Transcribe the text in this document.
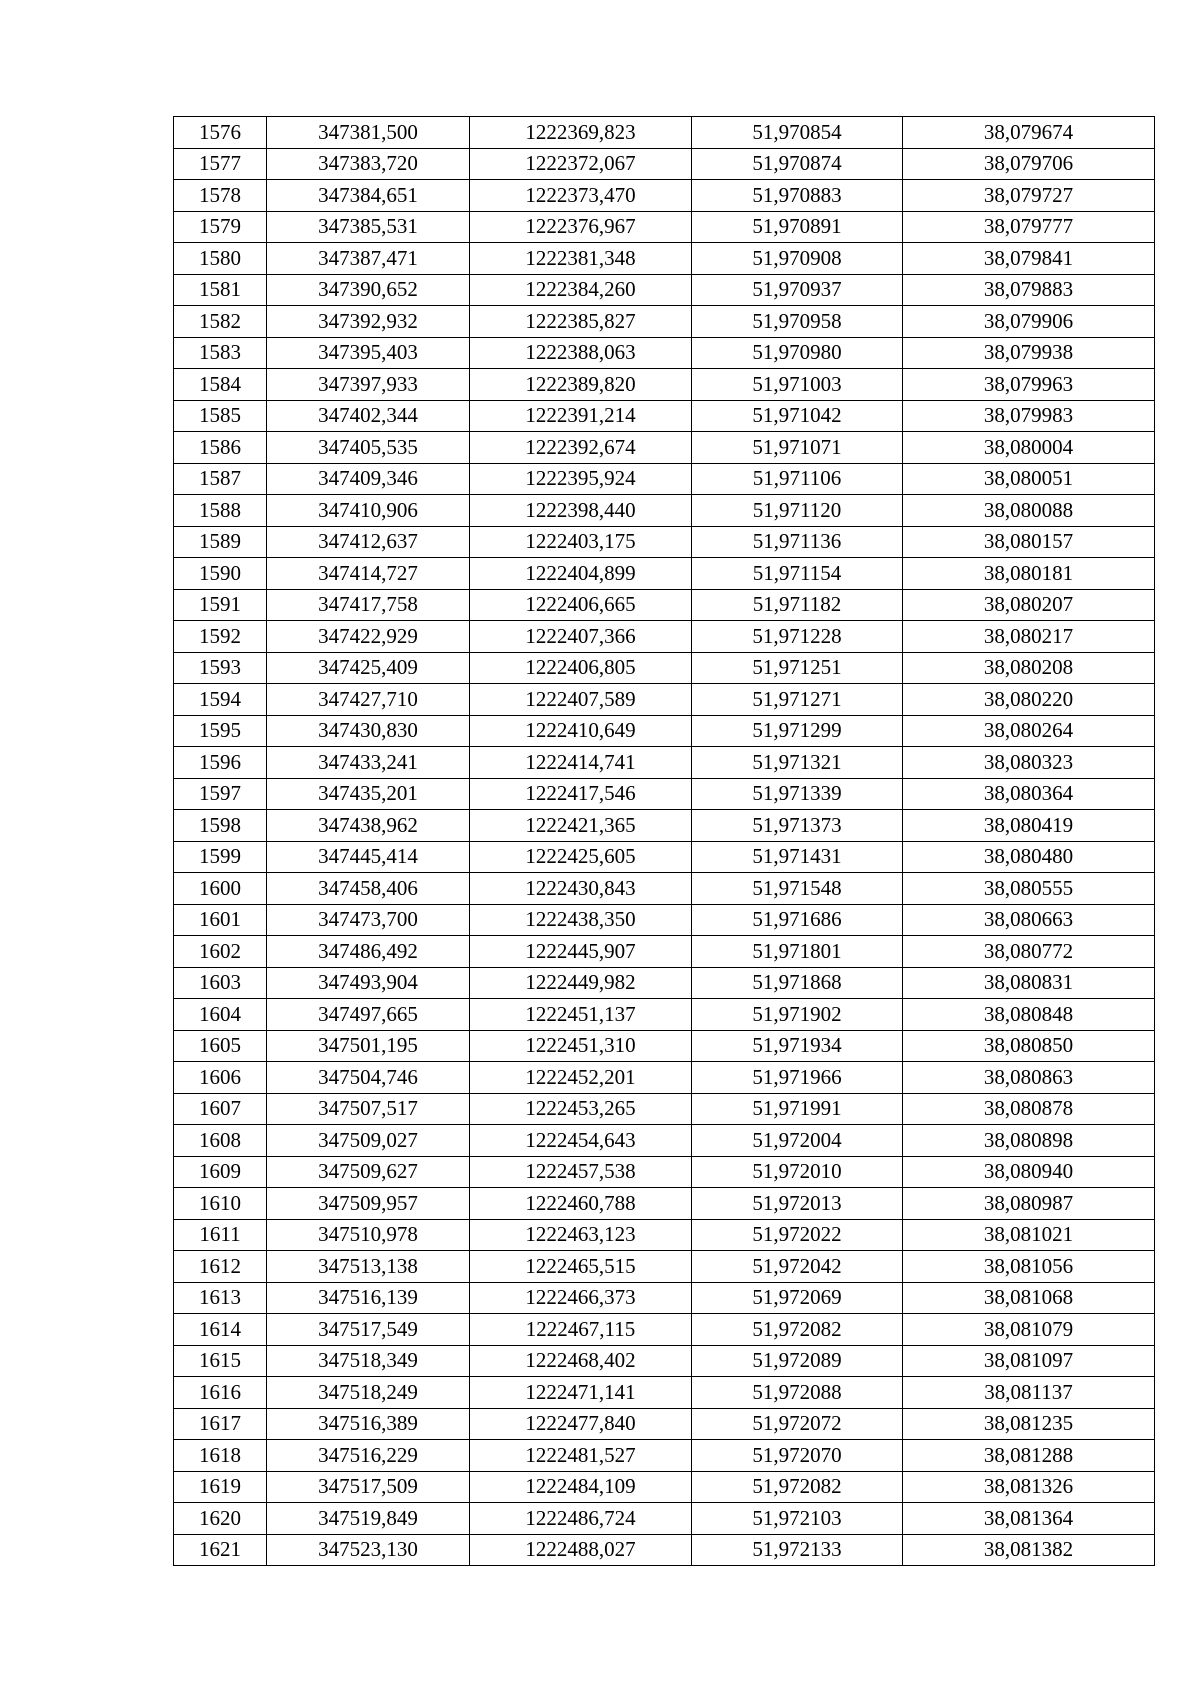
1576	347381,500	1222369,823	51,970854	38,079674
1577	347383,720	1222372,067	51,970874	38,079706
1578	347384,651	1222373,470	51,970883	38,079727
1579	347385,531	1222376,967	51,970891	38,079777
1580	347387,471	1222381,348	51,970908	38,079841
1581	347390,652	1222384,260	51,970937	38,079883
1582	347392,932	1222385,827	51,970958	38,079906
1583	347395,403	1222388,063	51,970980	38,079938
1584	347397,933	1222389,820	51,971003	38,079963
1585	347402,344	1222391,214	51,971042	38,079983
1586	347405,535	1222392,674	51,971071	38,080004
1587	347409,346	1222395,924	51,971106	38,080051
1588	347410,906	1222398,440	51,971120	38,080088
1589	347412,637	1222403,175	51,971136	38,080157
1590	347414,727	1222404,899	51,971154	38,080181
1591	347417,758	1222406,665	51,971182	38,080207
1592	347422,929	1222407,366	51,971228	38,080217
1593	347425,409	1222406,805	51,971251	38,080208
1594	347427,710	1222407,589	51,971271	38,080220
1595	347430,830	1222410,649	51,971299	38,080264
1596	347433,241	1222414,741	51,971321	38,080323
1597	347435,201	1222417,546	51,971339	38,080364
1598	347438,962	1222421,365	51,971373	38,080419
1599	347445,414	1222425,605	51,971431	38,080480
1600	347458,406	1222430,843	51,971548	38,080555
1601	347473,700	1222438,350	51,971686	38,080663
1602	347486,492	1222445,907	51,971801	38,080772
1603	347493,904	1222449,982	51,971868	38,080831
1604	347497,665	1222451,137	51,971902	38,080848
1605	347501,195	1222451,310	51,971934	38,080850
1606	347504,746	1222452,201	51,971966	38,080863
1607	347507,517	1222453,265	51,971991	38,080878
1608	347509,027	1222454,643	51,972004	38,080898
1609	347509,627	1222457,538	51,972010	38,080940
1610	347509,957	1222460,788	51,972013	38,080987
1611	347510,978	1222463,123	51,972022	38,081021
1612	347513,138	1222465,515	51,972042	38,081056
1613	347516,139	1222466,373	51,972069	38,081068
1614	347517,549	1222467,115	51,972082	38,081079
1615	347518,349	1222468,402	51,972089	38,081097
1616	347518,249	1222471,141	51,972088	38,081137
1617	347516,389	1222477,840	51,972072	38,081235
1618	347516,229	1222481,527	51,972070	38,081288
1619	347517,509	1222484,109	51,972082	38,081326
1620	347519,849	1222486,724	51,972103	38,081364
1621	347523,130	1222488,027	51,972133	38,081382
